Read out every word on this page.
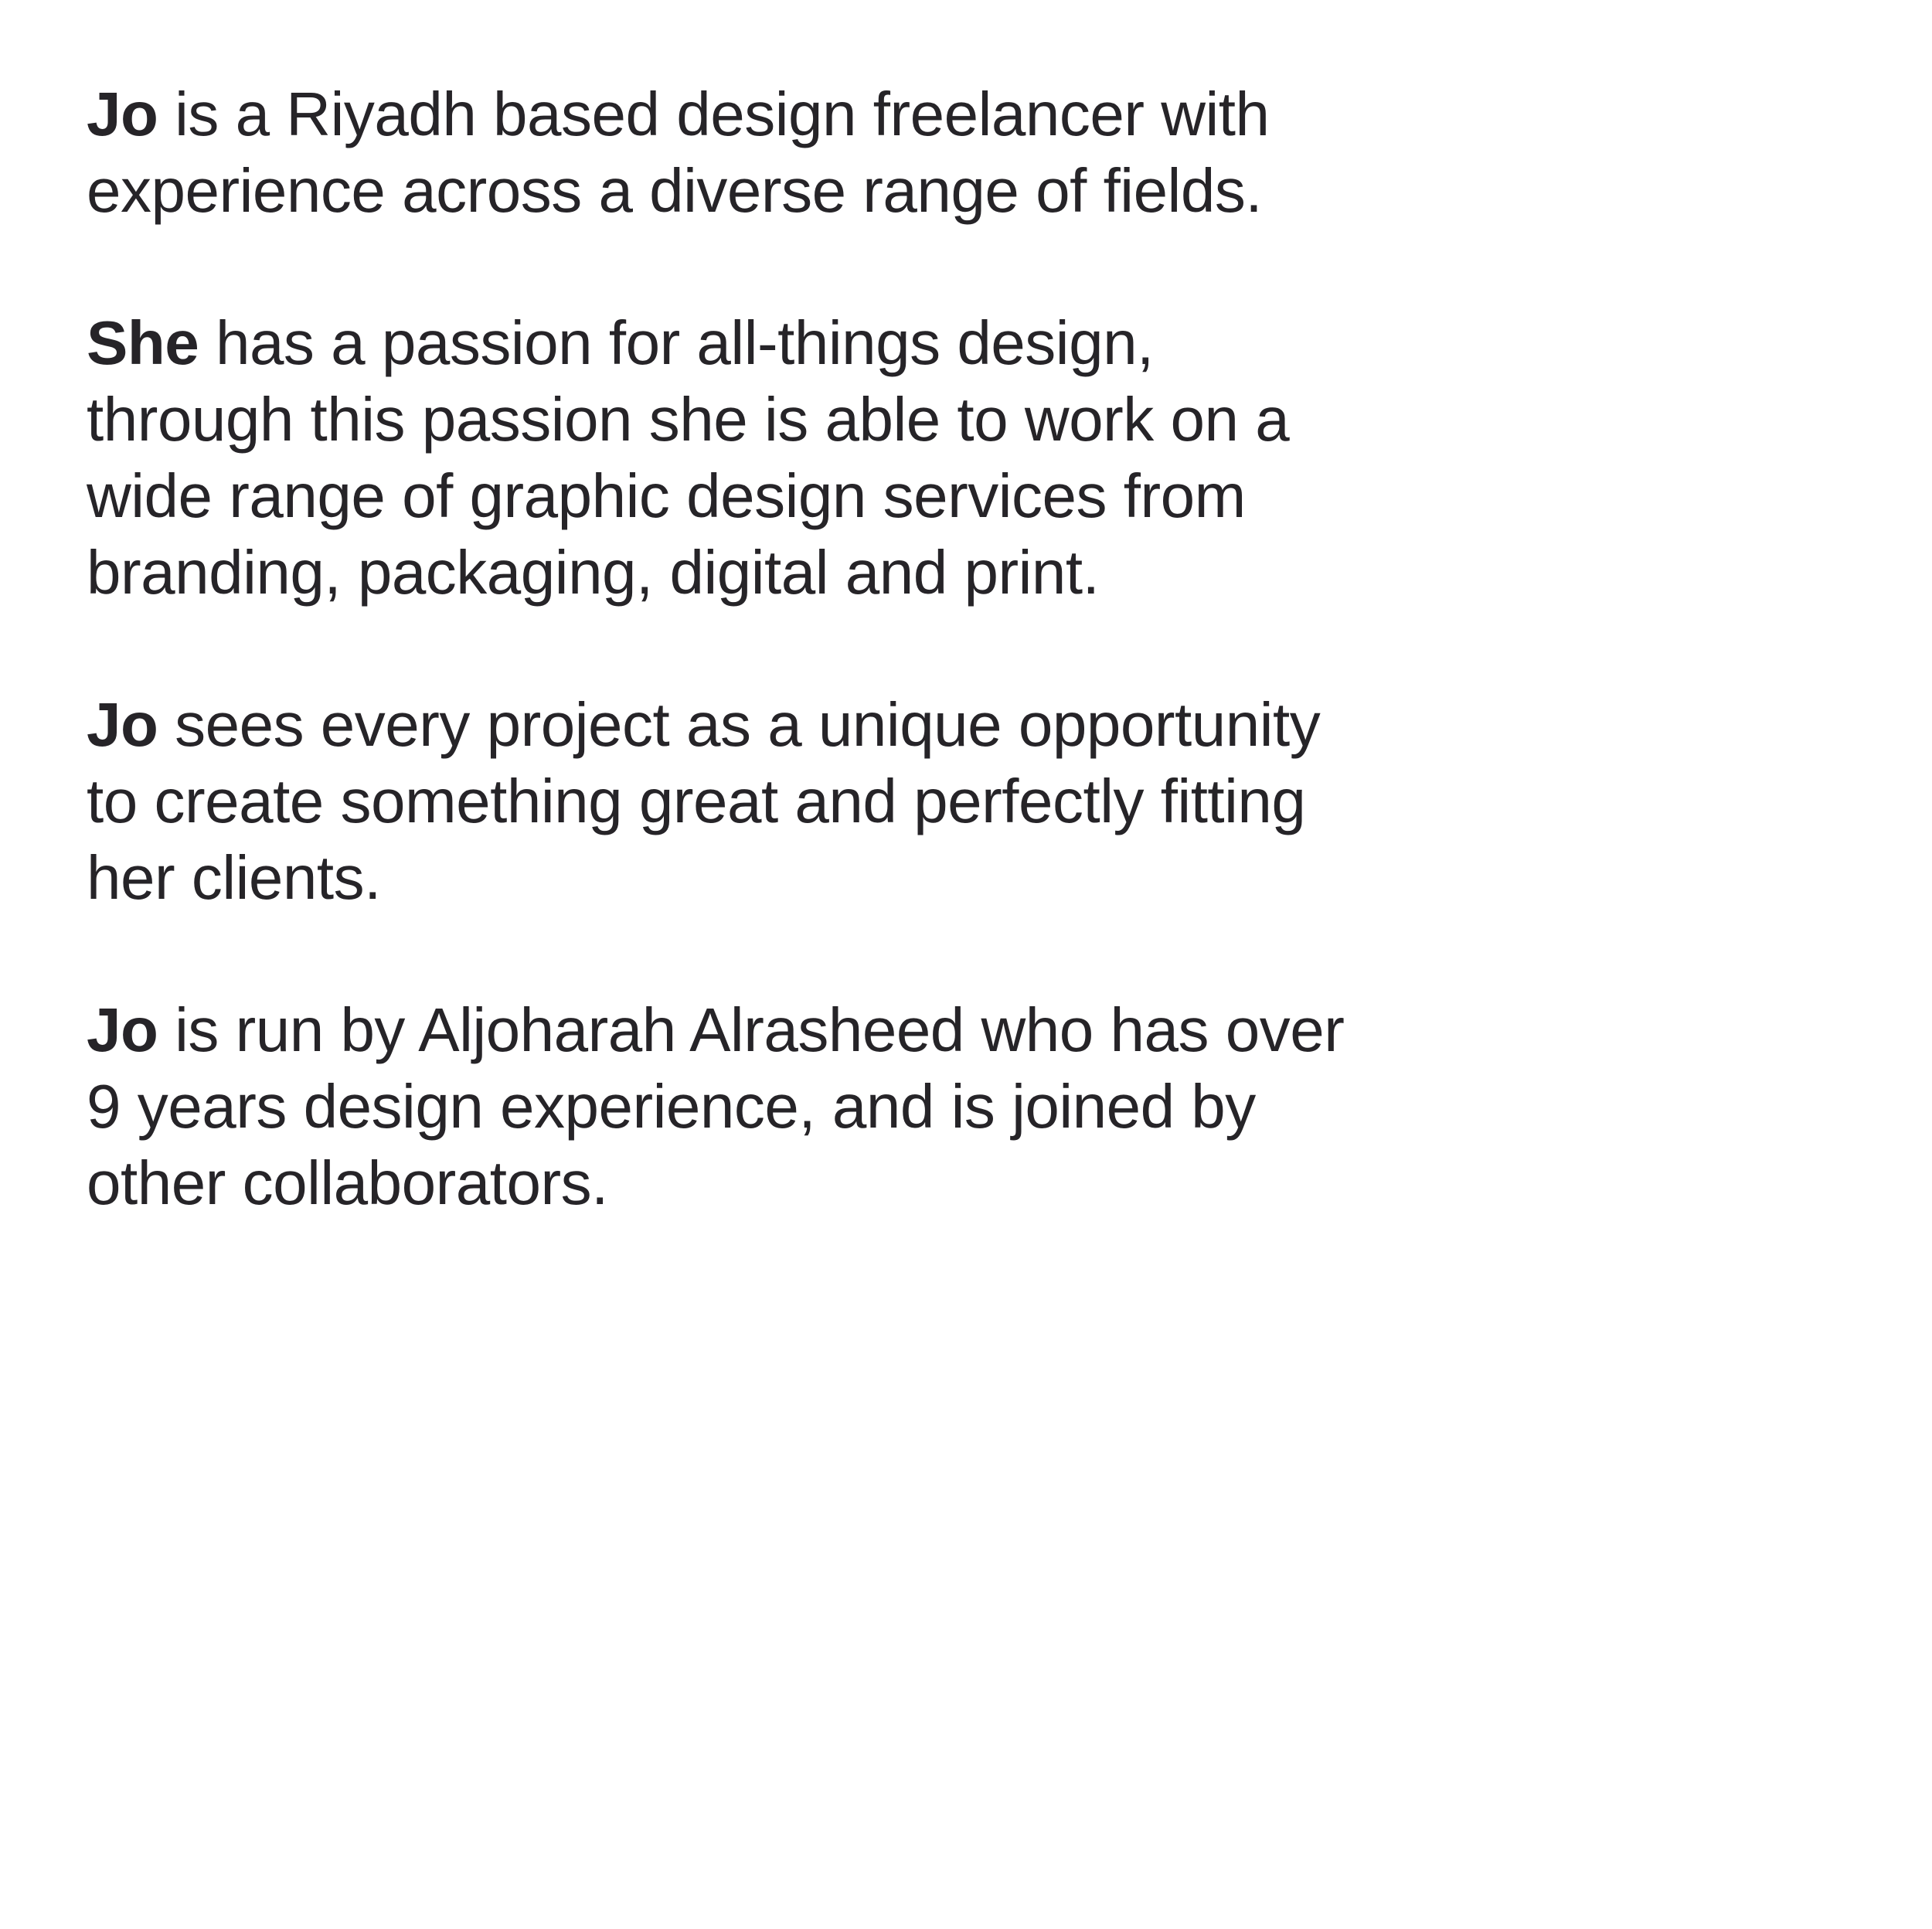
Jo is a Riyadh based design freelancer with
experience across a diverse range of fields.

She has a passion for all-things design,
through this passion she is able to work on a
wide range of graphic design services from
branding, packaging, digital and print.

Jo sees every project as a unique opportunity
to create something great and perfectly fitting
her clients.

Jo is run by Aljoharah Alrasheed who has over
9 years design experience, and is joined by
other collaborators.
